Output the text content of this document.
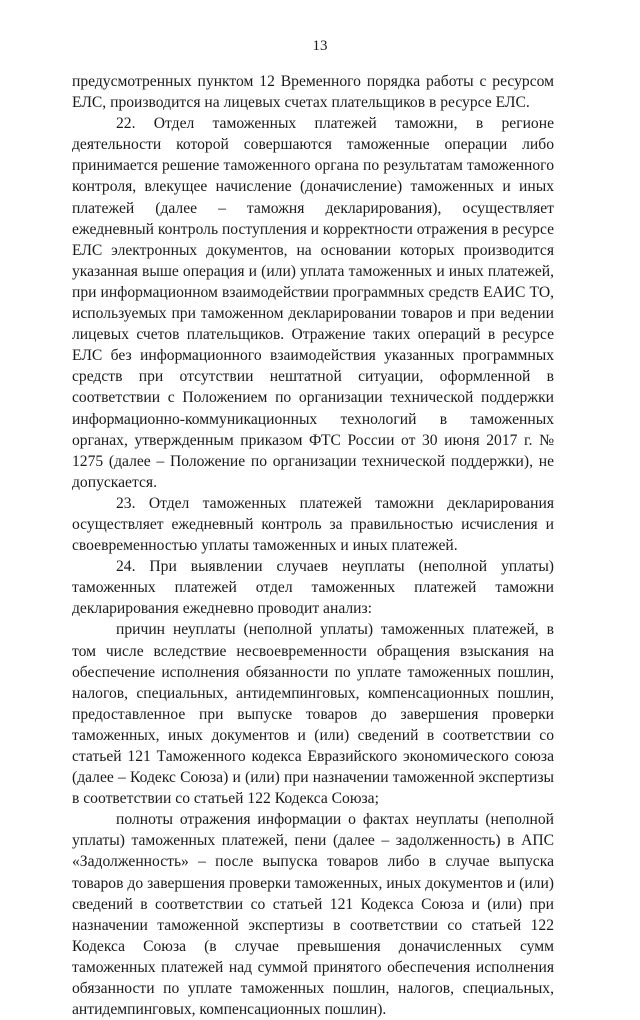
13

предусмотренных пунктом 12 Временного порядка работы с ресурсом ЕЛС, производится на лицевых счетах плательщиков в ресурсе ЕЛС.

22. Отдел таможенных платежей таможни, в регионе деятельности которой совершаются таможенные операции либо принимается решение таможенного органа по результатам таможенного контроля, влекущее начисление (доначисление) таможенных и иных платежей (далее – таможня декларирования), осуществляет ежедневный контроль поступления и корректности отражения в ресурсе ЕЛС электронных документов, на основании которых производится указанная выше операция и (или) уплата таможенных и иных платежей, при информационном взаимодействии программных средств ЕАИС ТО, используемых при таможенном декларировании товаров и при ведении лицевых счетов плательщиков. Отражение таких операций в ресурсе ЕЛС без информационного взаимодействия указанных программных средств при отсутствии нештатной ситуации, оформленной в соответствии с Положением по организации технической поддержки информационно-коммуникационных технологий в таможенных органах, утвержденным приказом ФТС России от 30 июня 2017 г. № 1275 (далее – Положение по организации технической поддержки), не допускается.

23. Отдел таможенных платежей таможни декларирования осуществляет ежедневный контроль за правильностью исчисления и своевременностью уплаты таможенных и иных платежей.

24. При выявлении случаев неуплаты (неполной уплаты) таможенных платежей отдел таможенных платежей таможни декларирования ежедневно проводит анализ:

причин неуплаты (неполной уплаты) таможенных платежей, в том числе вследствие несвоевременности обращения взыскания на обеспечение исполнения обязанности по уплате таможенных пошлин, налогов, специальных, антидемпинговых, компенсационных пошлин, предоставленное при выпуске товаров до завершения проверки таможенных, иных документов и (или) сведений в соответствии со статьей 121 Таможенного кодекса Евразийского экономического союза (далее – Кодекс Союза) и (или) при назначении таможенной экспертизы в соответствии со статьей 122 Кодекса Союза;

полноты отражения информации о фактах неуплаты (неполной уплаты) таможенных платежей, пени (далее – задолженность) в АПС «Задолженность» – после выпуска товаров либо в случае выпуска товаров до завершения проверки таможенных, иных документов и (или) сведений в соответствии со статьей 121 Кодекса Союза и (или) при назначении таможенной экспертизы в соответствии со статьей 122 Кодекса Союза (в случае превышения доначисленных сумм таможенных платежей над суммой принятого обеспечения исполнения обязанности по уплате таможенных пошлин, налогов, специальных, антидемпинговых, компенсационных пошлин).
